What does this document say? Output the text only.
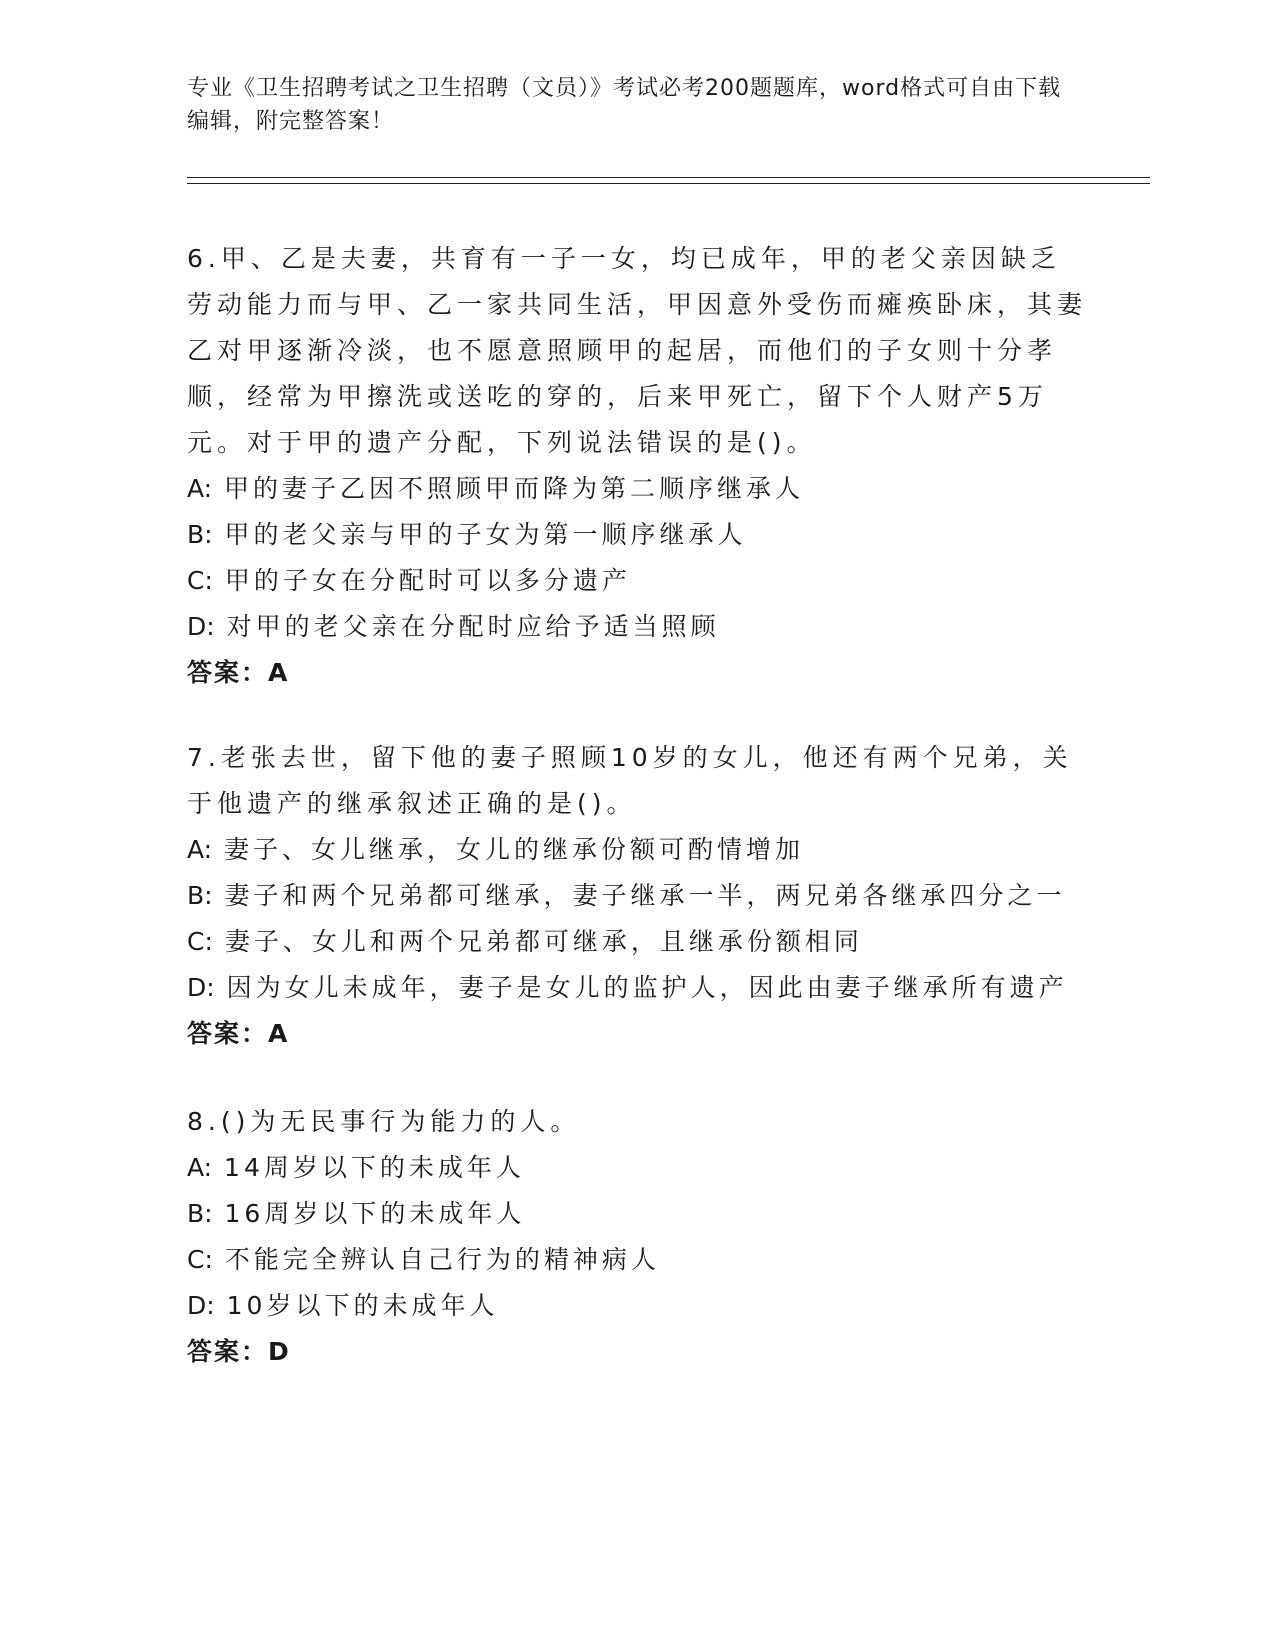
专业《卫生招聘考试之卫生招聘（文员）》考试必考200题题库，word格式可自由下载编辑，附完整答案！

6.甲、乙是夫妻，共育有一子一女，均已成年，甲的老父亲因缺乏劳动能力而与甲、乙一家共同生活，甲因意外受伤而瘫痪卧床，其妻乙对甲逐渐冷淡，也不愿意照顾甲的起居，而他们的子女则十分孝顺，经常为甲擦洗或送吃的穿的，后来甲死亡，留下个人财产5万元。对于甲的遗产分配，下列说法错误的是()。

A: 甲的妻子乙因不照顾甲而降为第二顺序继承人
B: 甲的老父亲与甲的子女为第一顺序继承人
C: 甲的子女在分配时可以多分遗产
D: 对甲的老父亲在分配时应给予适当照顾
答案：A

7.老张去世，留下他的妻子照顾10岁的女儿，他还有两个兄弟，关于他遗产的继承叙述正确的是()。

A: 妻子、女儿继承，女儿的继承份额可酌情增加
B: 妻子和两个兄弟都可继承，妻子继承一半，两兄弟各继承四分之一
C: 妻子、女儿和两个兄弟都可继承，且继承份额相同
D: 因为女儿未成年，妻子是女儿的监护人，因此由妻子继承所有遗产
答案：A

8.()为无民事行为能力的人。

A: 14周岁以下的未成年人
B: 16周岁以下的未成年人
C: 不能完全辨认自己行为的精神病人
D: 10岁以下的未成年人
答案：D
